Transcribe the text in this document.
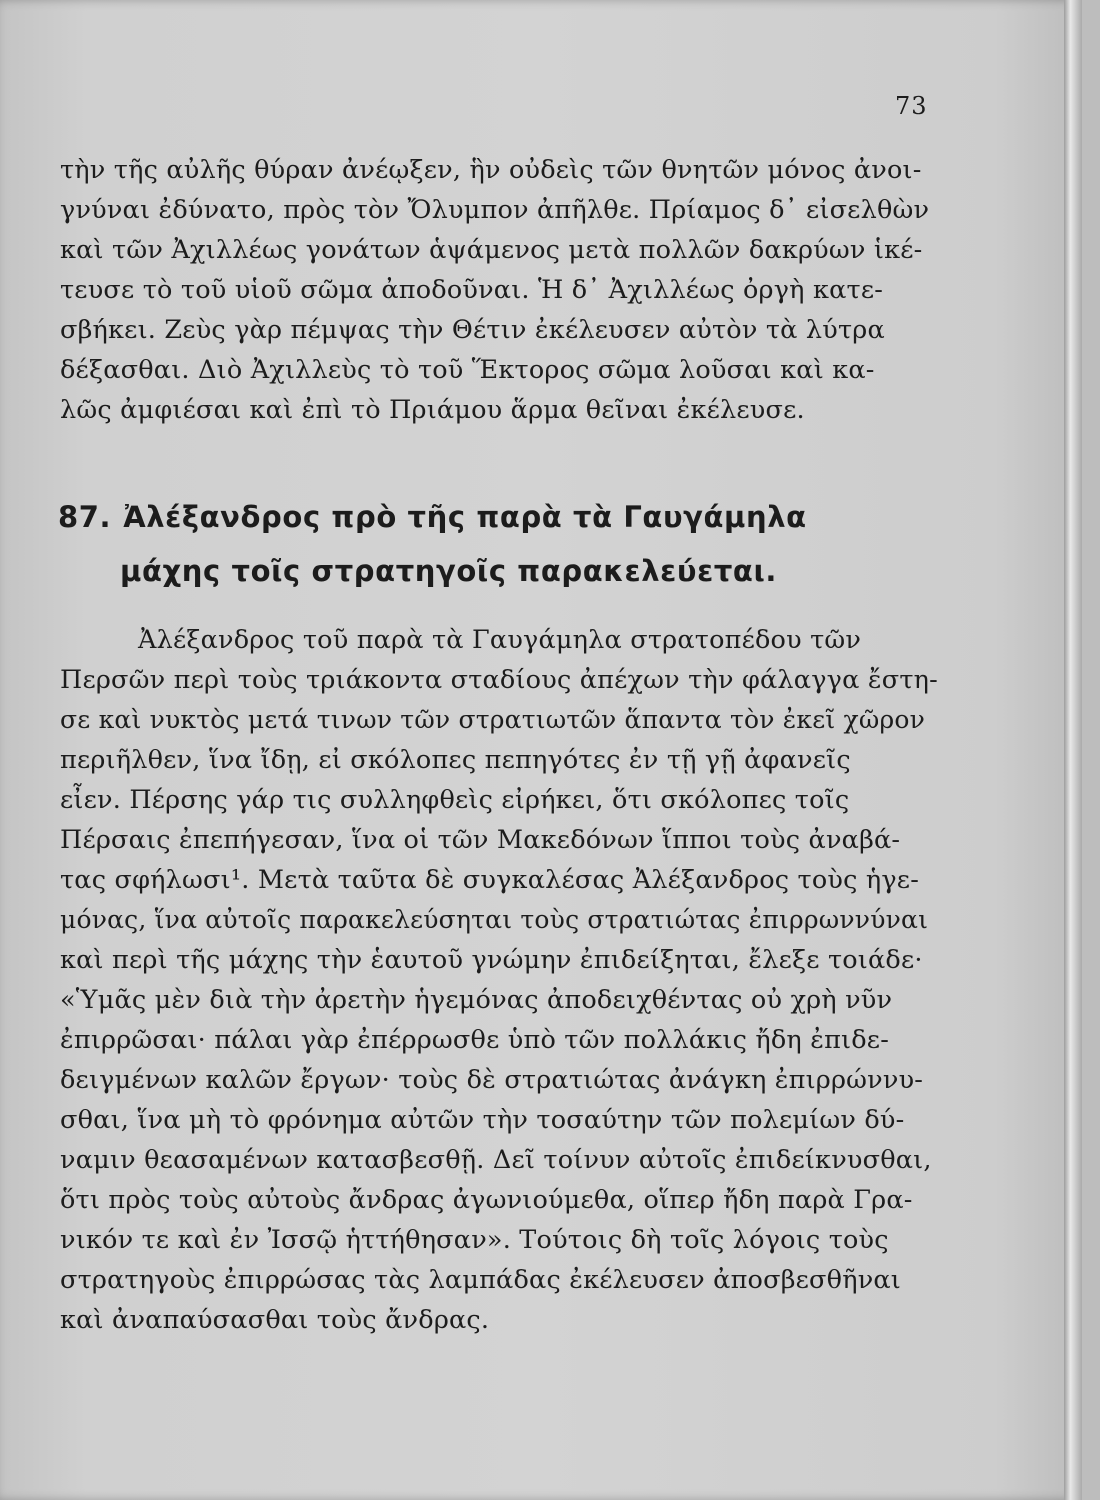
73
τὴν τῆς αὐλῆς θύραν ἀνέῳξεν, ἣν οὐδεὶς τῶν θνητῶν μόνος ἀνοι-
γνύναι ἐδύνατο, πρὸς τὸν Ὄλυμπον ἀπῆλθε. Πρίαμος δ᾽ εἰσελθὼν
καὶ τῶν Ἀχιλλέως γονάτων ἁψάμενος μετὰ πολλῶν δακρύων ἱκέ-
τευσε τὸ τοῦ υἱοῦ σῶμα ἀποδοῦναι. Ἡ δ᾽ Ἀχιλλέως ὀργὴ κατε-
σβήκει. Ζεὺς γὰρ πέμψας τὴν Θέτιν ἐκέλευσεν αὐτὸν τὰ λύτρα
δέξασθαι. Διὸ Ἀχιλλεὺς τὸ τοῦ Ἕκτορος σῶμα λοῦσαι καὶ κα-
λῶς ἀμφιέσαι καὶ ἐπὶ τὸ Πριάμου ἅρμα θεῖναι ἐκέλευσε.
87. Ἀλέξανδρος πρὸ τῆς παρὰ τὰ Γαυγάμηλα
μάχης τοῖς στρατηγοῖς παρακελεύεται.
Ἀλέξανδρος τοῦ παρὰ τὰ Γαυγάμηλα στρατοπέδου τῶν
Περσῶν περὶ τοὺς τριάκοντα σταδίους ἀπέχων τὴν φάλαγγα ἔστη-
σε καὶ νυκτὸς μετά τινων τῶν στρατιωτῶν ἅπαντα τὸν ἐκεῖ χῶρον
περιῆλθεν, ἵνα ἴδῃ, εἰ σκόλοπες πεπηγότες ἐν τῇ γῇ ἀφανεῖς
εἶεν. Πέρσης γάρ τις συλληφθεὶς εἰρήκει, ὅτι σκόλοπες τοῖς
Πέρσαις ἐπεπήγεσαν, ἵνα οἱ τῶν Μακεδόνων ἵπποι τοὺς ἀναβά-
τας σφήλωσι¹. Μετὰ ταῦτα δὲ συγκαλέσας Ἀλέξανδρος τοὺς ἡγε-
μόνας, ἵνα αὐτοῖς παρακελεύσηται τοὺς στρατιώτας ἐπιρρωννύναι
καὶ περὶ τῆς μάχης τὴν ἑαυτοῦ γνώμην ἐπιδείξηται, ἔλεξε τοιάδε·
«Ὑμᾶς μὲν διὰ τὴν ἀρετὴν ἡγεμόνας ἀποδειχθέντας οὐ χρὴ νῦν
ἐπιρρῶσαι· πάλαι γὰρ ἐπέρρωσθε ὑπὸ τῶν πολλάκις ἤδη ἐπιδε-
δειγμένων καλῶν ἔργων· τοὺς δὲ στρατιώτας ἀνάγκη ἐπιρρώννυ-
σθαι, ἵνα μὴ τὸ φρόνημα αὐτῶν τὴν τοσαύτην τῶν πολεμίων δύ-
ναμιν θεασαμένων κατασβεσθῇ. Δεῖ τοίνυν αὐτοῖς ἐπιδείκνυσθαι,
ὅτι πρὸς τοὺς αὐτοὺς ἄνδρας ἀγωνιούμεθα, οἵπερ ἤδη παρὰ Γρα-
νικόν τε καὶ ἐν Ἰσσῷ ἡττήθησαν». Τούτοις δὴ τοῖς λόγοις τοὺς
στρατηγοὺς ἐπιρρώσας τὰς λαμπάδας ἐκέλευσεν ἀποσβεσθῆναι
καὶ ἀναπαύσασθαι τοὺς ἄνδρας.
